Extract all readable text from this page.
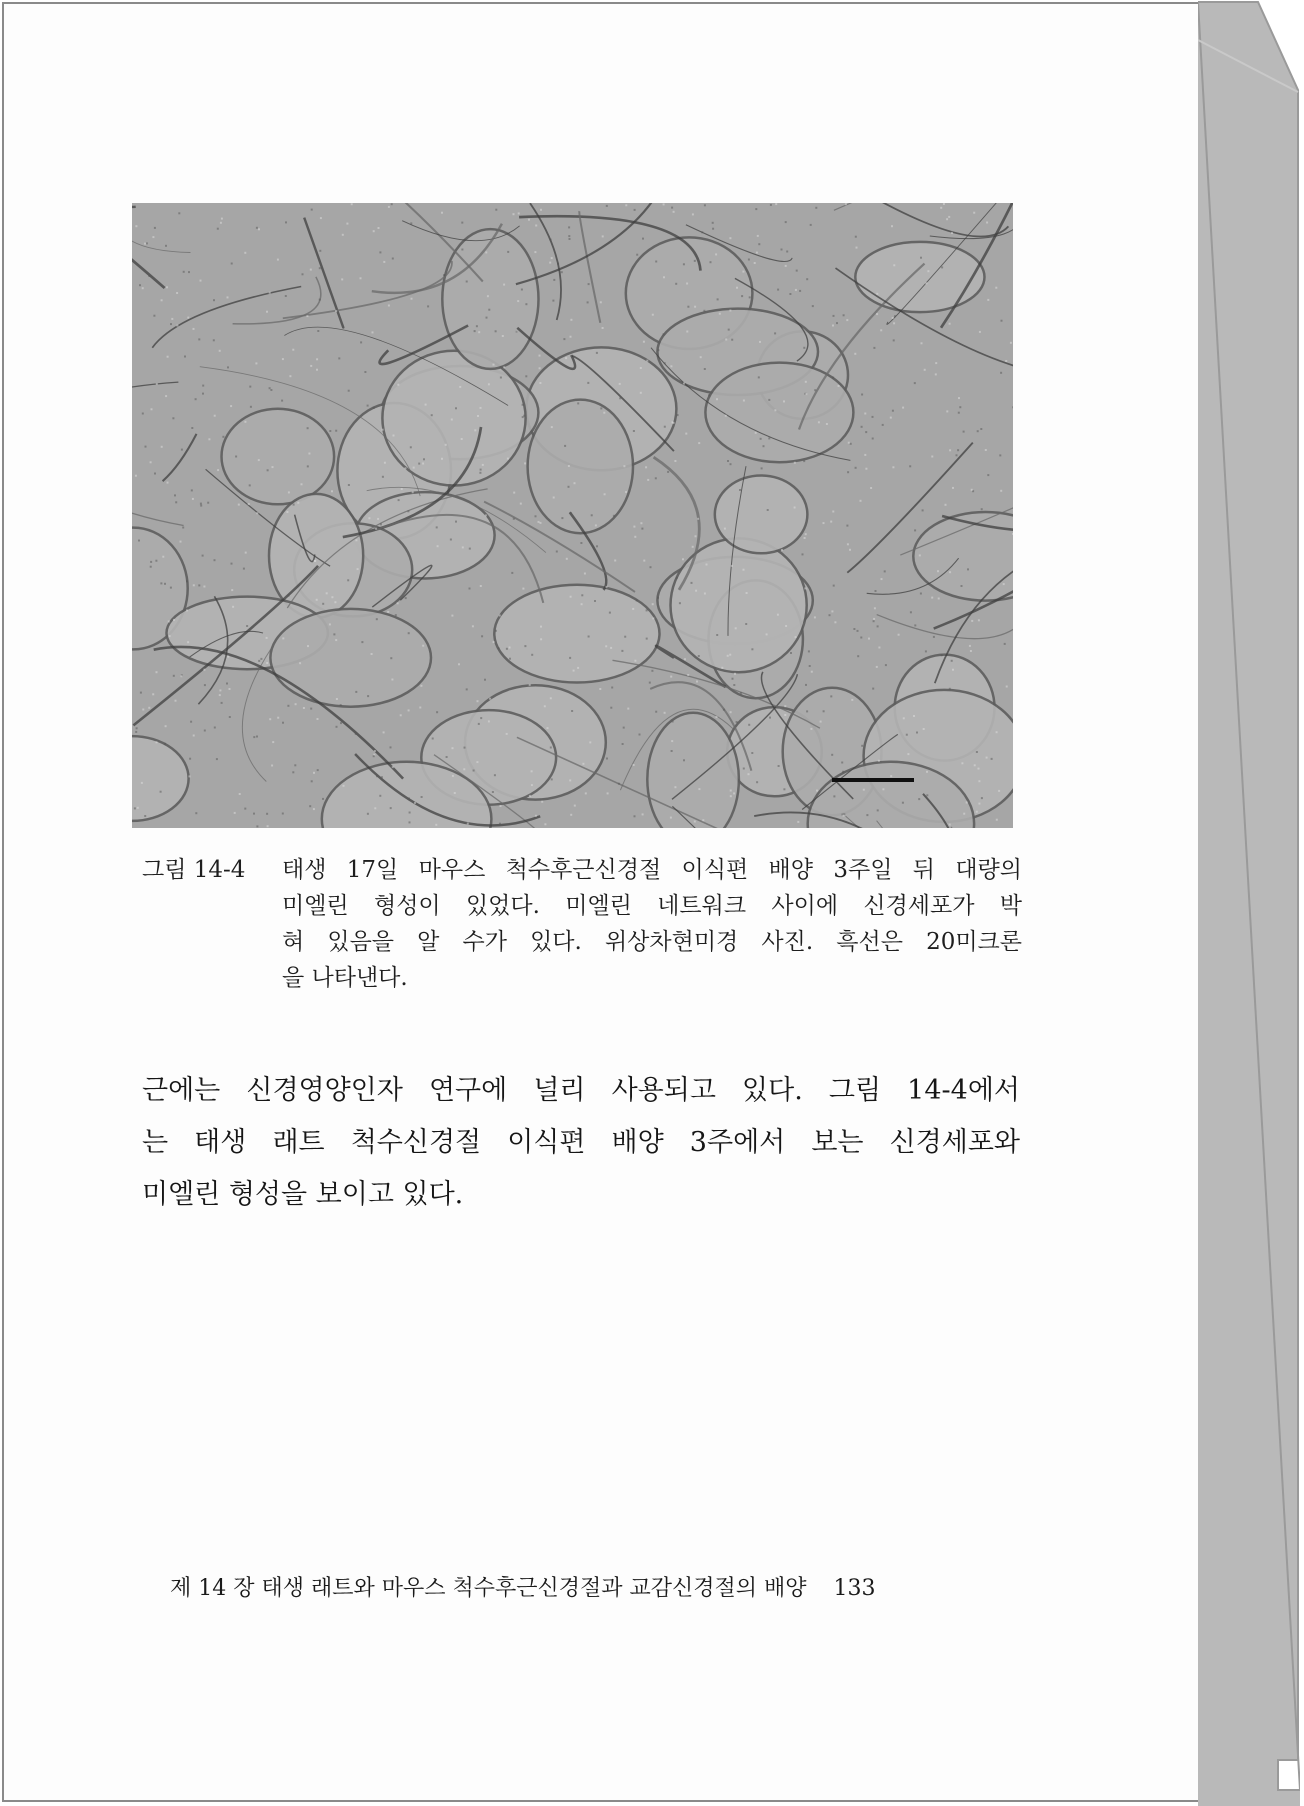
그림 14-4	태생 17일 마우스 척수후근신경절 이식편 배양 3주일 뒤 대량의
미엘린 형성이 있었다. 미엘린 네트워크 사이에 신경세포가 박
혀 있음을 알 수가 있다. 위상차현미경 사진. 흑선은 20미크론
을 나타낸다.
근에는 신경영양인자 연구에 널리 사용되고 있다. 그림 14-4에서
는 태생 래트 척수신경절 이식편 배양 3주에서 보는 신경세포와
미엘린 형성을 보이고 있다.
제 14 장 태생 래트와 마우스 척수후근신경절과 교감신경절의 배양 133
